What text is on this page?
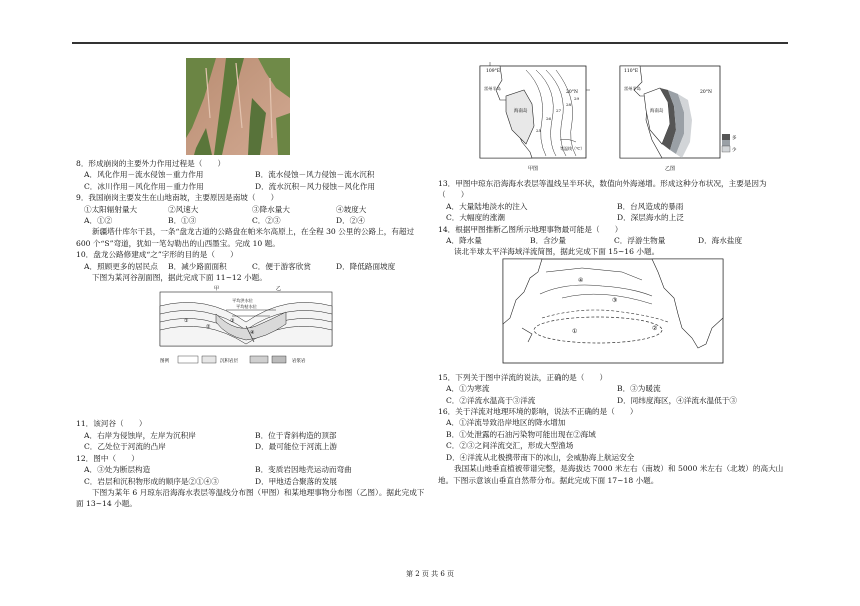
109°E
20°N
雷州半岛
海南岛
25
26
27
28
29
等温线（℃）
甲图
110°E
20°N
雷州半岛
海南岛
多
少
乙图
甲	乙
平均洪水位
平均枯水位
①
②
③
④
图例	沉积岩层	岩浆岩
①	②
③
④
8．形成崩岗的主要外力作用过程是（　　）
A．风化作用－流水侵蚀－重力作用	B．流水侵蚀－风力侵蚀－流水沉积
C．冰川作用－风化作用－重力作用	D．流水沉积－风力侵蚀－风化作用
9．我国崩岗主要发生在山地南坡，主要原因是南坡（　　）
①太阳辐射量大	②风速大	③降水量大	④坡度大
A．①②	B．①③	C．②③	D．②④
新疆塔什库尔干县，一条“盘龙古道的公路盘在帕米尔高原上，在全程 30 公里的公路上，有超过 600 个“S”弯道，犹如一笔勾勒出的山西墨宝。完成 10 题。
10．盘龙公路修建成“之”字形的目的是（　　）
A．照顾更多的居民点	B．减少路面面积	C．便于游客欣赏	D．降低路面坡度
下图为某河谷剖面图，据此完成下面 11~12 小题。
11．该河谷（　　）
A．右岸为侵蚀岸，左岸为沉积岸	B．位于背斜构造的顶部
C．乙处位于河流的凸岸	D．最可能位于河流上游
12．图中（　　）
A．③处为断层构造	B．变质岩因地壳运动而弯曲
C．岩层和沉积物形成的顺序是②①④③	D．甲地适合聚落的发展
下图为某年 6 月琼东沿海海水表层等温线分布图（甲图）和某地理事物分布图（乙图）。据此完成下面 13~14 小题。
13．甲图中琼东沿海海水表层等温线呈半环状，数值向外海递增。形成这种分布状况，主要是因为（　　）
A．大量陆地淡水的注入	B．台风造成的暴雨
C．大幅度的涨潮	D．深层海水的上泛
14．根据甲图推断乙图所示地理事物最可能是（　　）
A．降水量	B．含沙量	C．浮游生物量	D．海水盐度
读北半球太平洋海域洋流简图，据此完成下面 15~16 小题。
15．下列关于图中洋流的说法，正确的是（　　）
A．①为寒流	B．③为暖流
C．②洋流水温高于③洋流	D．同纬度海区，④洋流水温低于③
16．关于洋流对地理环境的影响，说法不正确的是（　　）
A．①洋流导致沿岸地区的降水增加
B．①处泄露的石油污染物可能出现在②海域
C．②③之间洋流交汇，形成大型渔场
D．④洋流从北极携带南下的冰山，会威胁海上航运安全
我国某山地垂直植被带谱完整，是海拔达 7000 米左右（南坡）和 5000 米左右（北坡）的高大山地。下图示意该山垂直自然带分布。据此完成下面 17~18 小题。
第 2 页 共 6 页
